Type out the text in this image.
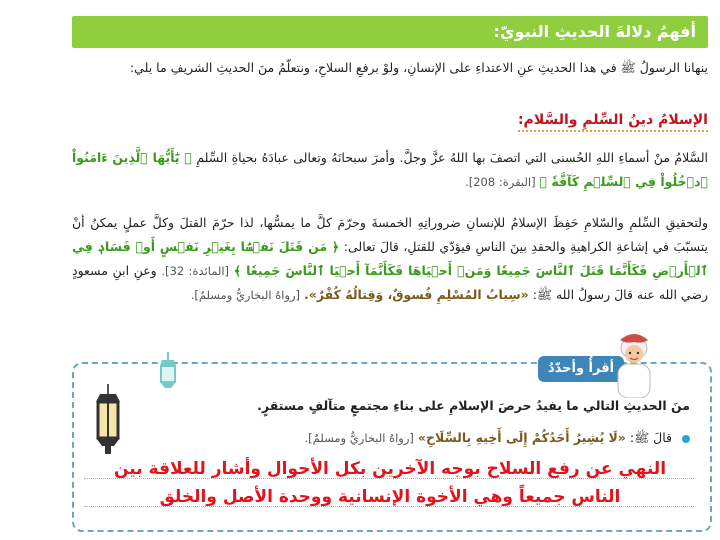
أفهمُ دلالةَ الحديثِ النبويّ:

ينهانا الرسولُ ﷺ في هذا الحديثِ عنِ الاعتداءِ على الإنسانِ، ولوْ برفعِ السلاحِ، ونتعلّمُ منَ الحديثِ الشريفِ ما يلي:

الإسلامُ دينُ السِّلمِ والسَّلام:

السَّلامُ منْ أسماءِ اللهِ الحُسنى التي اتصفَ بها اللهُ عزَّ وجلَّ. وأمرَ سبحانَهُ وتعالى عبادَهُ بحياةِ السِّلمِ ﴿ يَٰٓأَيُّهَا ٱلَّذِينَ ءَامَنُواْ ٱدۡخُلُواْ فِي ٱلسِّلۡمِ كَآفَّةٗ ﴾ [البقرة: 208].

ولتحقيقِ السِّلمِ والسّلامِ حَفِظَ الإسلامُ للإنسانِ ضروراتِهِ الخمسةَ وحرّمَ كلَّ ما يمسُّها، لذا حرّمَ القتلَ وكلَّ عملٍ يمكنُ أنْ يتسبّبَ في إشاعةِ الكراهيةِ والحقدِ بينَ الناسِ فيؤدّي للقتلِ، قالَ تعالى: ﴿ مَن قَتَلَ نَفۡسَۢا بِغَيۡرِ نَفۡسٍ أَوۡ فَسَادٖ فِي ٱلۡأَرۡضِ فَكَأَنَّمَا قَتَلَ ٱلنَّاسَ جَمِيعٗا وَمَنۡ أَحۡيَاهَا فَكَأَنَّمَآ أَحۡيَا ٱلنَّاسَ جَمِيعٗا ﴾ [المائدة: 32]. وعنِ ابنِ مسعودٍ رضي الله عنه قالَ رسولُ الله ﷺ: «سِبابُ المُسْلِمِ فُسوقٌ، وَقِتالُهُ كُفْرٌ». [رواهُ البخاريُّ ومسلمٌ].

أقرأُ وأحدّدُ
منَ الحديثِ التالي ما يفيدُ حرصَ الإسلامِ على بناءِ مجتمعٍ متآلفٍ مستقرٍ.
قالَ ﷺ: «لَا يُشِيرُ أَحَدُكُمْ إِلَى أَخِيهِ بِالسِّلَاحِ» [رواهُ البخاريُّ ومسلمٌ].
النهي عن رفع السلاح بوجه الآخرين بكل الأحوال وأشار للعلاقة بين
الناس جميعاً وهي الأخوة الإنسانية ووحدة الأصل والخلق
